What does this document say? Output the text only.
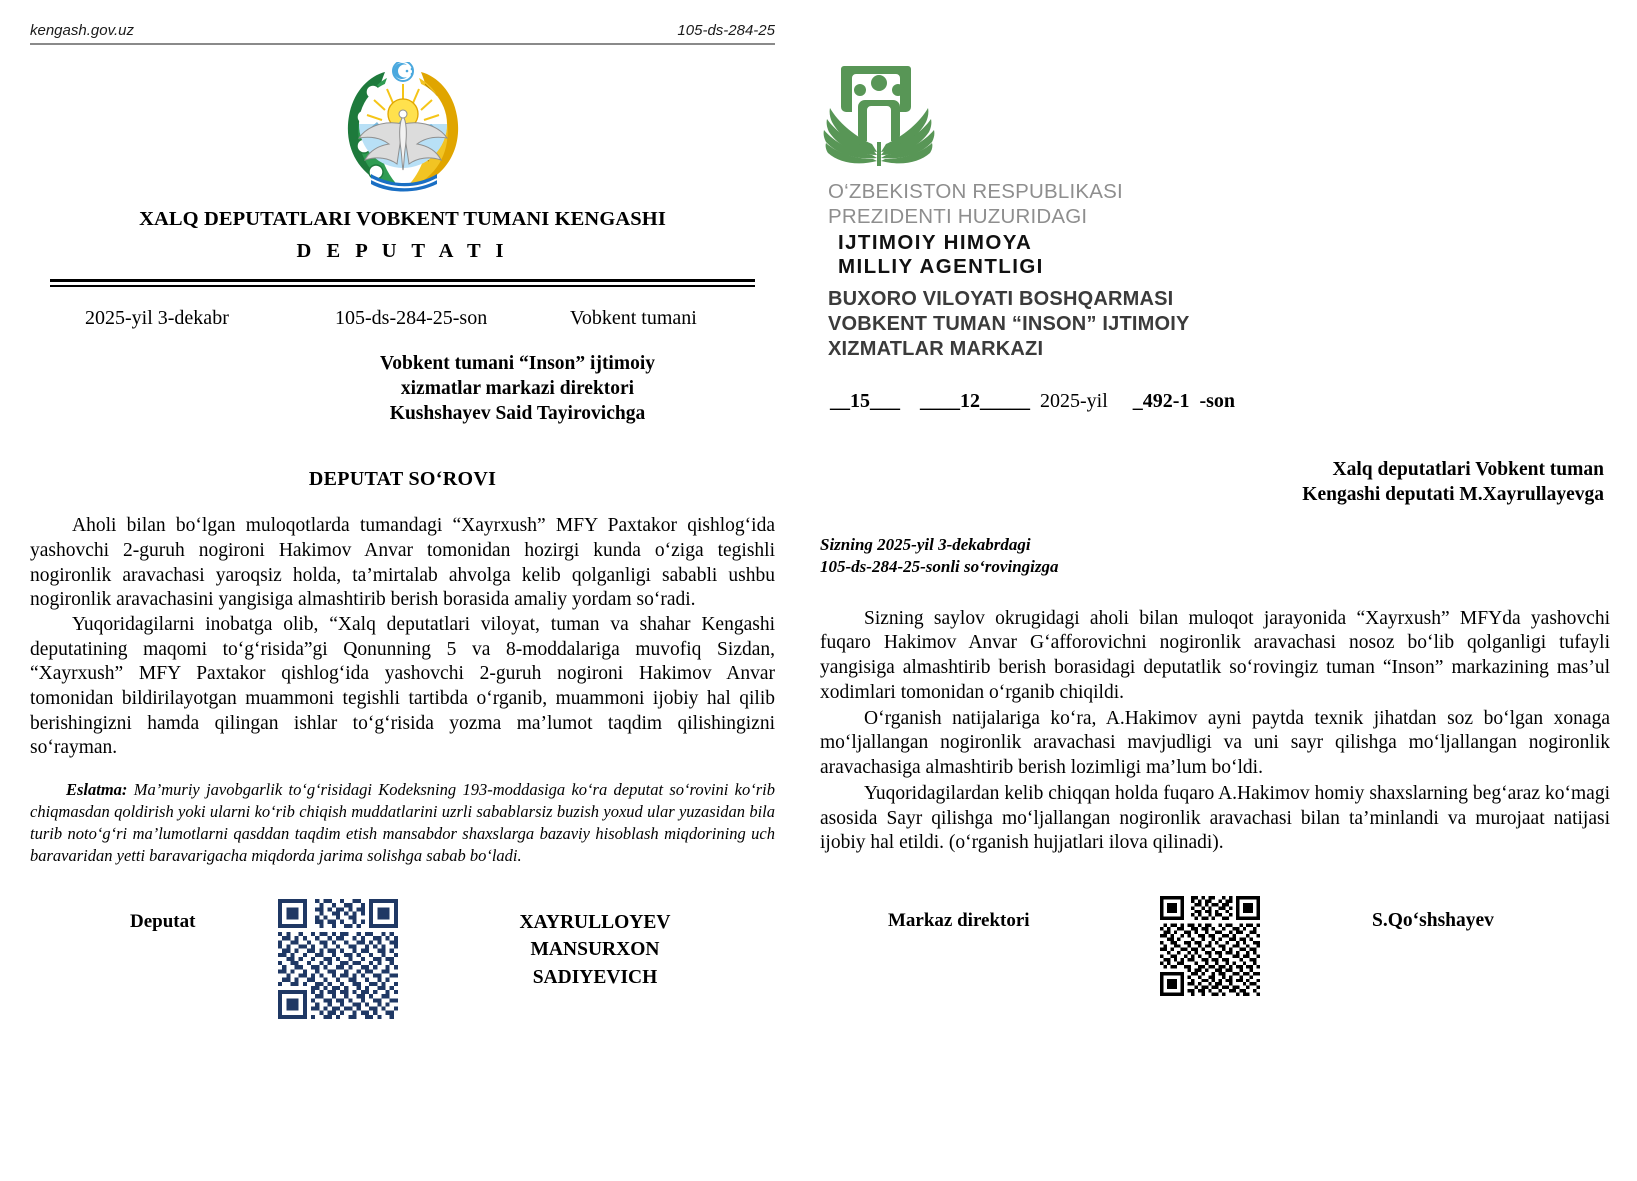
kengash.gov.uz	105-ds-284-25
XALQ DEPUTATLARI VOBKENT TUMANI KENGASHI
D E P U T A T I
2025-yil 3-dekabr	105-ds-284-25-son	Vobkent tumani
Vobkent tumani “Inson” ijtimoiy
xizmatlar markazi direktori
Kushshayev Said Tayirovichga
DEPUTAT SO‘ROVI

Aholi bilan bo‘lgan muloqotlarda tumandagi “Xayrxush” MFY Paxtakor qishlog‘ida yashovchi 2-guruh nogironi Hakimov Anvar tomonidan hozirgi kunda o‘ziga tegishli nogironlik aravachasi yaroqsiz holda, ta’mirtalab ahvolga kelib qolganligi sababli ushbu nogironlik aravachasini yangisiga almashtirib berish borasida amaliy yordam so‘radi.

Yuqoridagilarni inobatga olib, “Xalq deputatlari viloyat, tuman va shahar Kengashi deputatining maqomi to‘g‘risida”gi Qonunning 5 va 8-moddalariga muvofiq Sizdan, “Xayrxush” MFY Paxtakor qishlog‘ida yashovchi 2-guruh nogironi Hakimov Anvar tomonidan bildirilayotgan muammoni tegishli tartibda o‘rganib, muammoni ijobiy hal qilib berishingizni hamda qilingan ishlar to‘g‘risida yozma ma’lumot taqdim qilishingizni so‘rayman.

Eslatma: Ma’muriy javobgarlik to‘g‘risidagi Kodeksning 193-moddasiga ko‘ra deputat so‘rovini ko‘rib chiqmasdan qoldirish yoki ularni ko‘rib chiqish muddatlarini uzrli sabablarsiz buzish yoxud ular yuzasidan bila turib noto‘g‘ri ma’lumotlarni qasddan taqdim etish mansabdor shaxslarga bazaviy hisoblash miqdorining uch baravaridan yetti baravarigacha miqdorda jarima solishga sabab bo‘ladi.
Deputat	XAYRULLOYEV
MANSURXON
SADIYEVICH
O‘ZBEKISTON RESPUBLIKASI
PREZIDENTI HUZURIDAGI
IJTIMOIY HIMOYA
MILLIY AGENTLIGI
BUXORO VILOYATI BOSHQARMASI
VOBKENT TUMAN “INSON” IJTIMOIY
XIZMATLAR MARKAZI
__15___ ____12_____ 2025-yil _492-1  -son
Xalq deputatlari Vobkent tuman
Kengashi deputati M.Xayrullayevga
Sizning 2025-yil 3-dekabrdagi
105-ds-284-25-sonli so‘rovingizga

Sizning saylov okrugidagi aholi bilan muloqot jarayonida “Xayrxush” MFYda yashovchi fuqaro Hakimov Anvar G‘afforovichni nogironlik aravachasi nosoz bo‘lib qolganligi tufayli yangisiga almashtirib berish borasidagi deputatlik so‘rovingiz tuman “Inson” markazining mas’ul xodimlari tomonidan o‘rganib chiqildi.

O‘rganish natijalariga ko‘ra, A.Hakimov ayni paytda texnik jihatdan soz bo‘lgan xonaga mo‘ljallangan nogironlik aravachasi mavjudligi va uni sayr qilishga mo‘ljallangan nogironlik aravachasiga almashtirib berish lozimligi ma’lum bo‘ldi.

Yuqoridagilardan kelib chiqqan holda fuqaro A.Hakimov homiy shaxslarning beg‘araz ko‘magi asosida Sayr qilishga mo‘ljallangan nogironlik aravachasi bilan ta’minlandi va murojaat natijasi ijobiy hal etildi. (o‘rganish hujjatlari ilova qilinadi).

Markaz direktori	S.Qo‘shshayev
